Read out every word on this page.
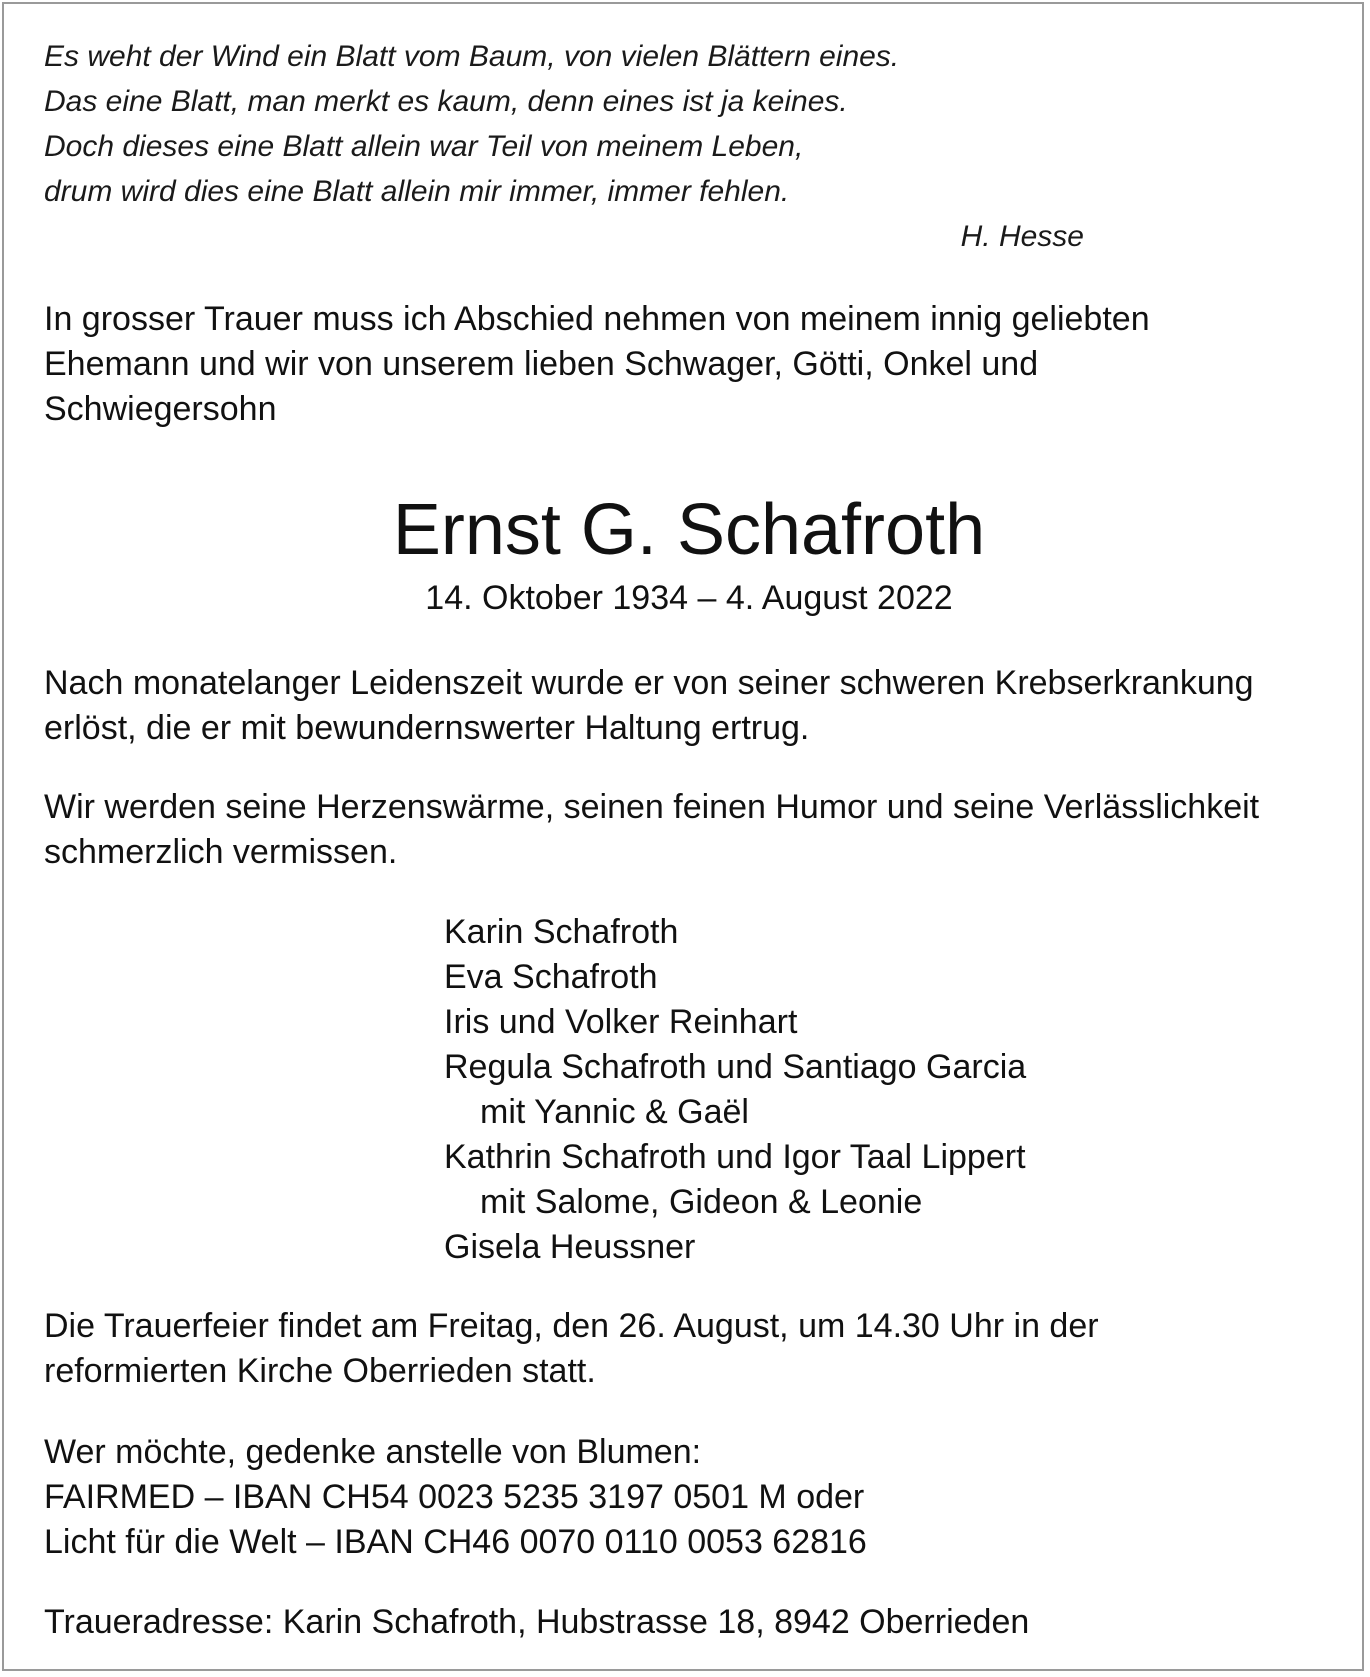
Es weht der Wind ein Blatt vom Baum, von vielen Blättern eines.
Das eine Blatt, man merkt es kaum, denn eines ist ja keines.
Doch dieses eine Blatt allein war Teil von meinem Leben,
drum wird dies eine Blatt allein mir immer, immer fehlen.
H. Hesse
In grosser Trauer muss ich Abschied nehmen von meinem innig geliebten
Ehemann und wir von unserem lieben Schwager, Götti, Onkel und
Schwiegersohn
Ernst G. Schafroth

14. Oktober 1934 – 4. August 2022

Nach monatelanger Leidenszeit wurde er von seiner schweren Krebserkrankung
erlöst, die er mit bewundernswerter Haltung ertrug.
Wir werden seine Herzenswärme, seinen feinen Humor und seine Verlässlichkeit
schmerzlich vermissen.
Karin Schafroth
Eva Schafroth
Iris und Volker Reinhart
Regula Schafroth und Santiago Garcia
mit Yannic & Gaël
Kathrin Schafroth und Igor Taal Lippert
mit Salome, Gideon & Leonie
Gisela Heussner
Die Trauerfeier findet am Freitag, den 26. August, um 14.30 Uhr in der
reformierten Kirche Oberrieden statt.
Wer möchte, gedenke anstelle von Blumen:
FAIRMED – IBAN CH54 0023 5235 3197 0501 M oder
Licht für die Welt – IBAN CH46 0070 0110 0053 62816
Traueradresse: Karin Schafroth, Hubstrasse 18, 8942 Oberrieden
